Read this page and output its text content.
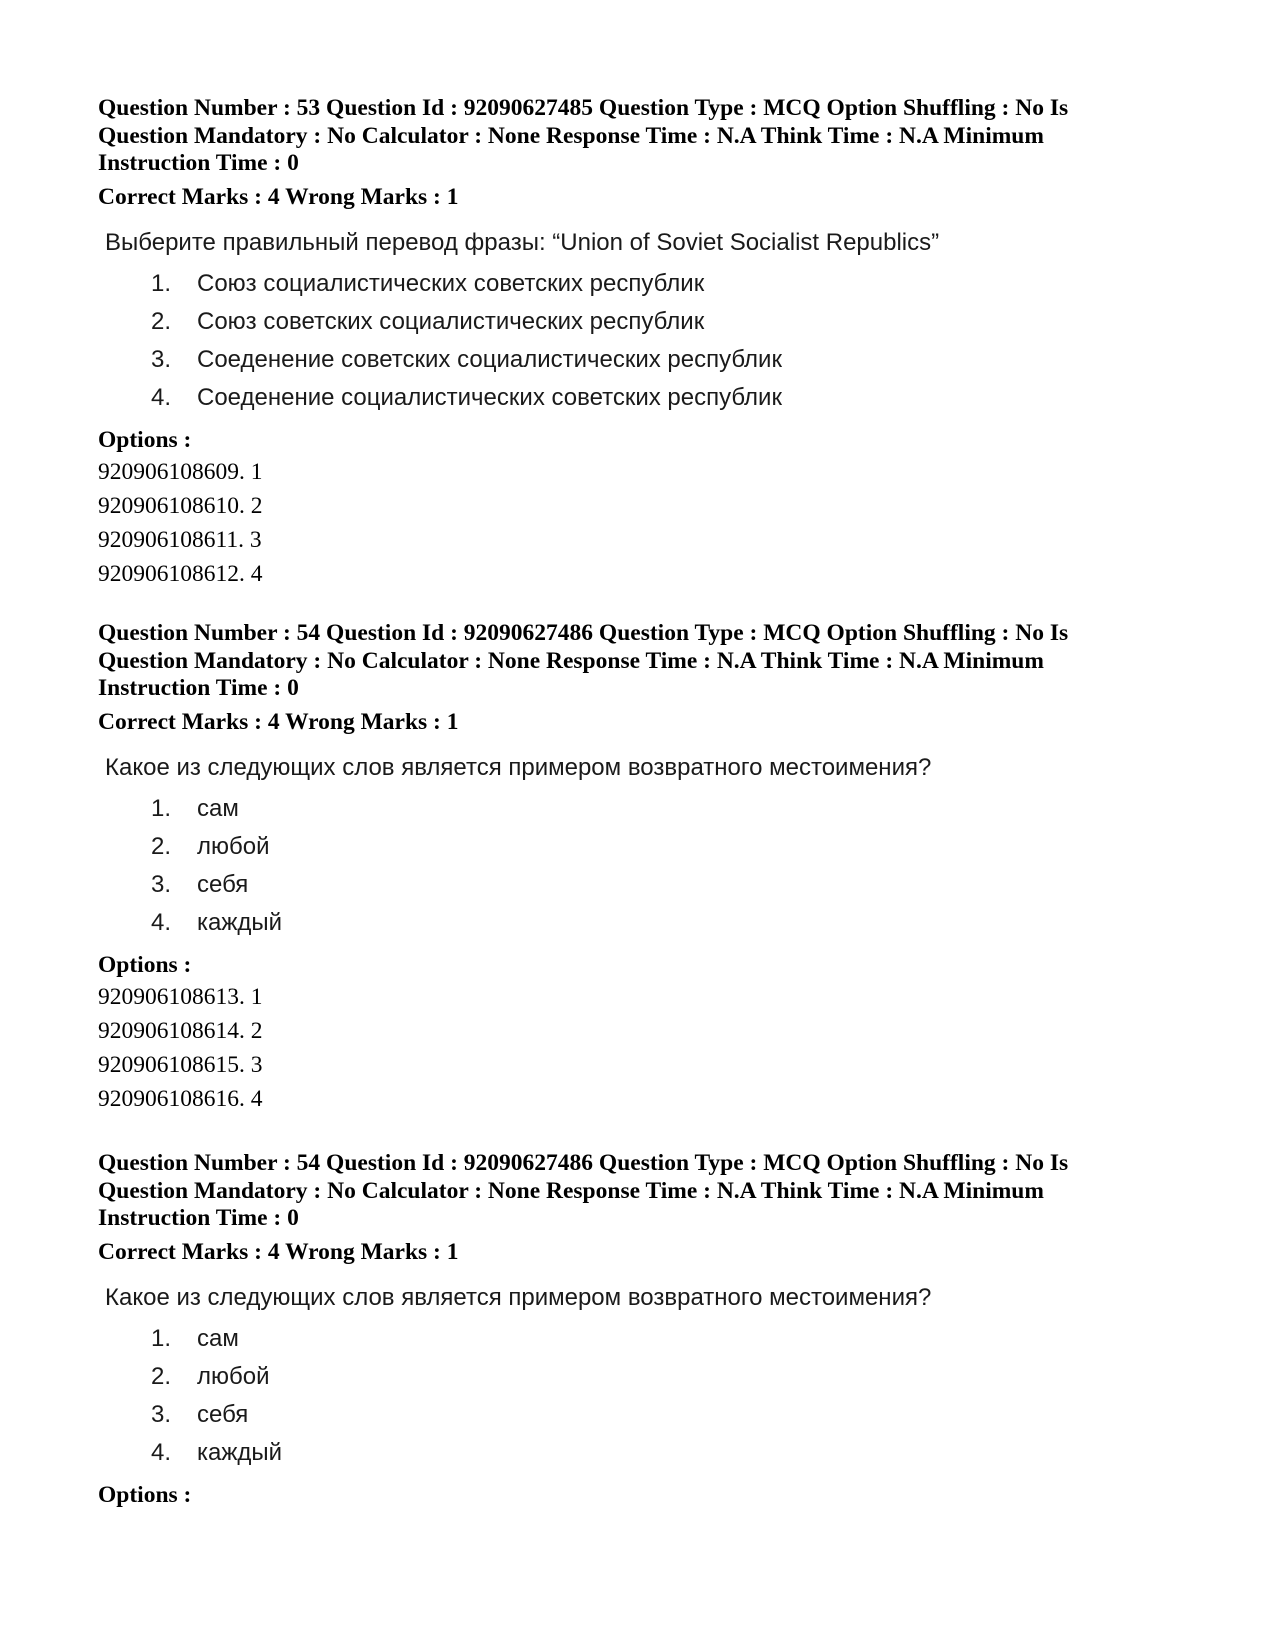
Question Number : 53 Question Id : 92090627485 Question Type : MCQ Option Shuffling : No Is
Question Mandatory : No Calculator : None Response Time : N.A Think Time : N.A Minimum
Instruction Time : 0

Correct Marks : 4 Wrong Marks : 1
Выберите правильный перевод фразы: “Union of Soviet Socialist Republics”
1.	Союз социалистических советских республик
2.	Союз советских социалистических республик
3.	Соеденение советских социалистических республик
4.	Соеденение социалистических советских республик
Options :
920906108609. 1
920906108610. 2
920906108611. 3
920906108612. 4

Question Number : 54 Question Id : 92090627486 Question Type : MCQ Option Shuffling : No Is
Question Mandatory : No Calculator : None Response Time : N.A Think Time : N.A Minimum
Instruction Time : 0

Correct Marks : 4 Wrong Marks : 1
Какое из следующих слов является примером возвратного местоимения?
1.	сам
2.	любой
3.	себя
4.	каждый
Options :
920906108613. 1
920906108614. 2
920906108615. 3
920906108616. 4

Question Number : 54 Question Id : 92090627486 Question Type : MCQ Option Shuffling : No Is
Question Mandatory : No Calculator : None Response Time : N.A Think Time : N.A Minimum
Instruction Time : 0

Correct Marks : 4 Wrong Marks : 1
Какое из следующих слов является примером возвратного местоимения?
1.	сам
2.	любой
3.	себя
4.	каждый
Options :
